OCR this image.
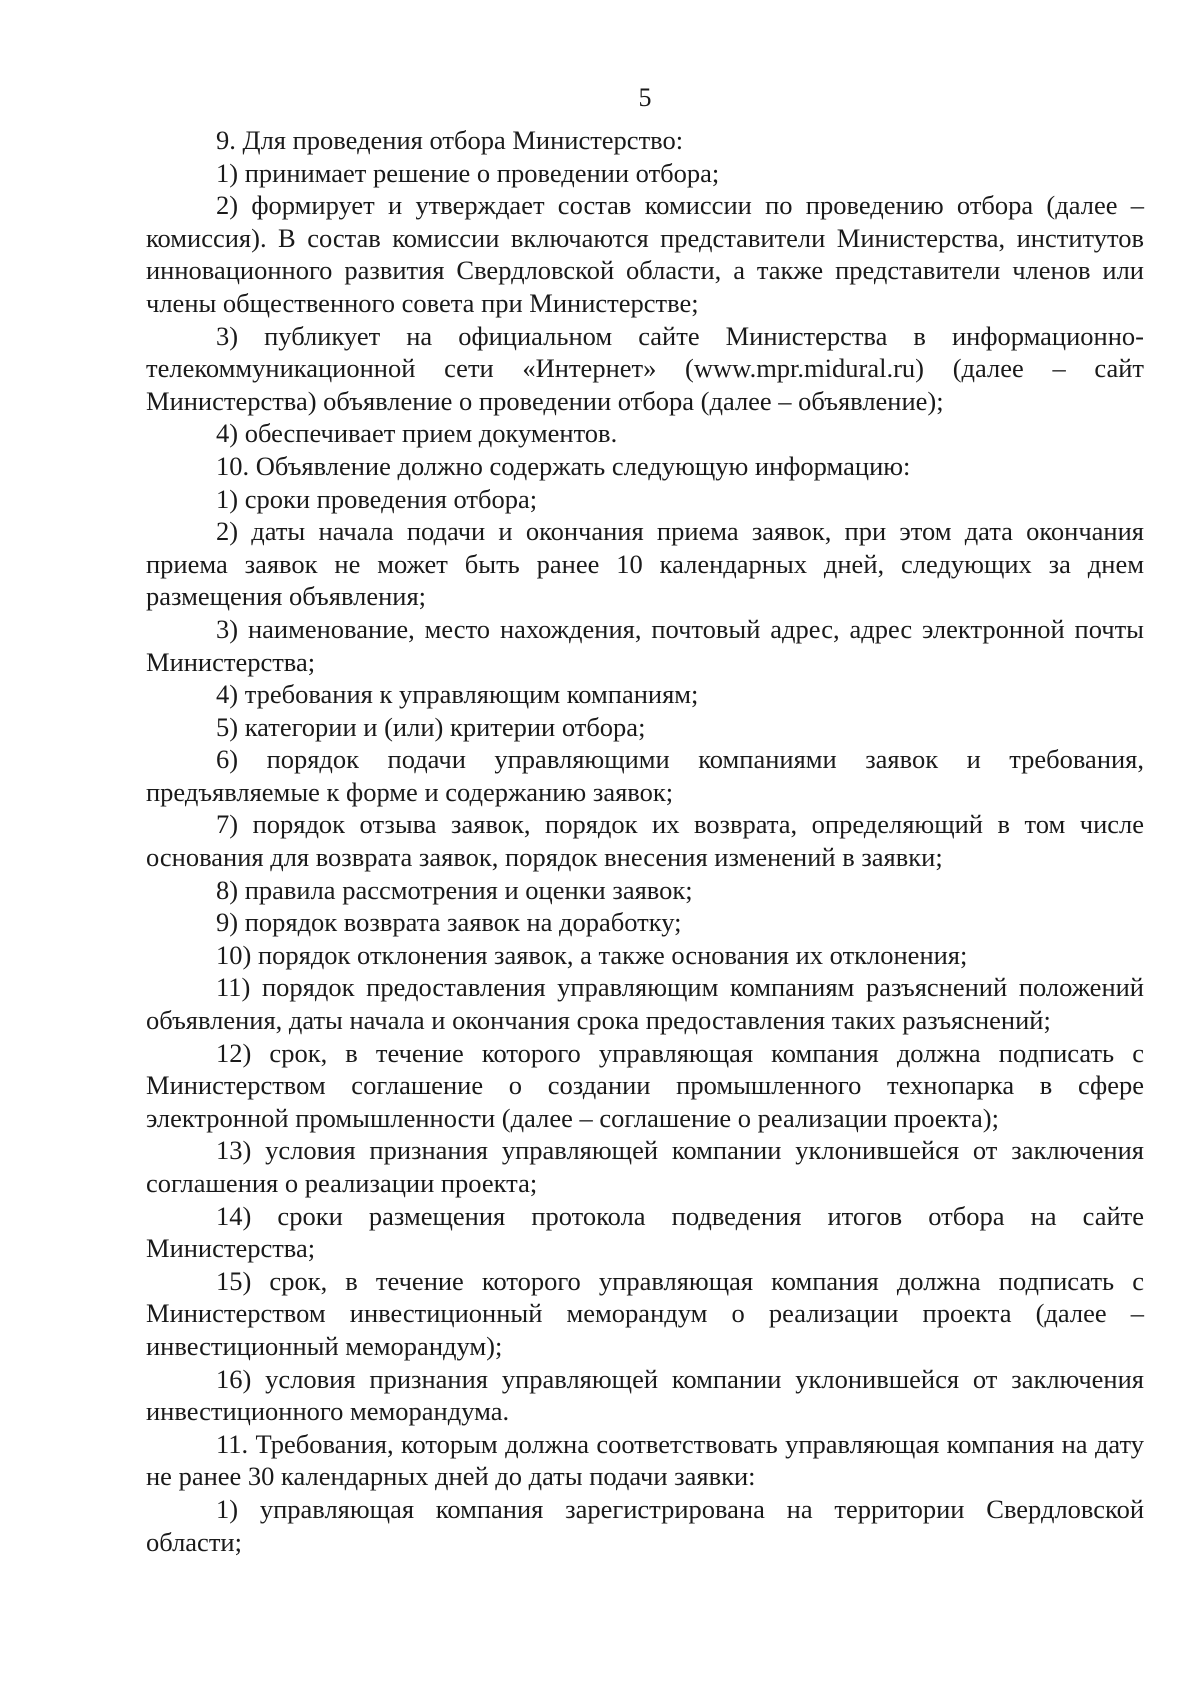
5

9. Для проведения отбора Министерство:

1) принимает решение о проведении отбора;

2) формирует и утверждает состав комиссии по проведению отбора (далее – комиссия). В состав комиссии включаются представители Министерства, институтов инновационного развития Свердловской области, а также представители членов или члены общественного совета при Министерстве;

3) публикует на официальном сайте Министерства в информационно-телекоммуникационной сети «Интернет» (www.mpr.midural.ru) (далее – сайт Министерства) объявление о проведении отбора (далее – объявление);

4) обеспечивает прием документов.

10. Объявление должно содержать следующую информацию:

1) сроки проведения отбора;

2) даты начала подачи и окончания приема заявок, при этом дата окончания приема заявок не может быть ранее 10 календарных дней, следующих за днем размещения объявления;

3) наименование, место нахождения, почтовый адрес, адрес электронной почты Министерства;

4) требования к управляющим компаниям;

5) категории и (или) критерии отбора;

6) порядок подачи управляющими компаниями заявок и требования, предъявляемые к форме и содержанию заявок;

7) порядок отзыва заявок, порядок их возврата, определяющий в том числе основания для возврата заявок, порядок внесения изменений в заявки;

8) правила рассмотрения и оценки заявок;

9) порядок возврата заявок на доработку;

10) порядок отклонения заявок, а также основания их отклонения;

11) порядок предоставления управляющим компаниям разъяснений положений объявления, даты начала и окончания срока предоставления таких разъяснений;

12) срок, в течение которого управляющая компания должна подписать с Министерством соглашение о создании промышленного технопарка в сфере электронной промышленности (далее – соглашение о реализации проекта);

13) условия признания управляющей компании уклонившейся от заключения соглашения о реализации проекта;

14) сроки размещения протокола подведения итогов отбора на сайте Министерства;

15) срок, в течение которого управляющая компания должна подписать с Министерством инвестиционный меморандум о реализации проекта (далее – инвестиционный меморандум);

16) условия признания управляющей компании уклонившейся от заключения инвестиционного меморандума.

11. Требования, которым должна соответствовать управляющая компания на дату не ранее 30 календарных дней до даты подачи заявки:

1) управляющая компания зарегистрирована на территории Свердловской области;
